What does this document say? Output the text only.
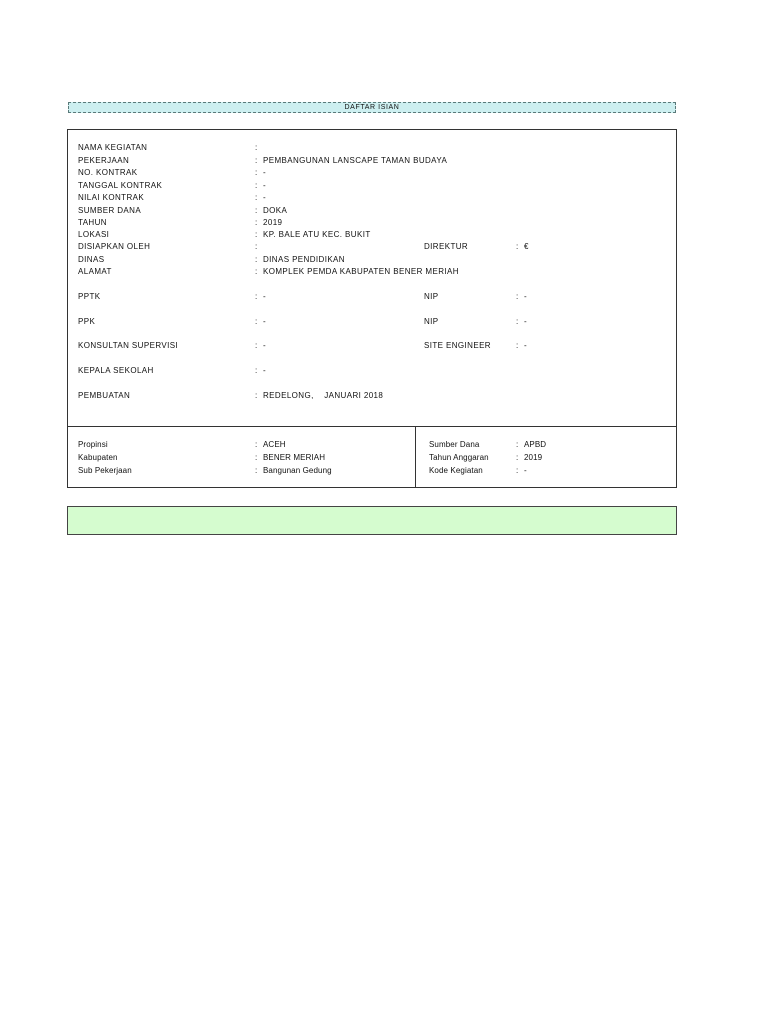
DAFTAR ISIAN
NAMA KEGIATAN	:
PEKERJAAN	: PEMBANGUNAN LANSCAPE TAMAN BUDAYA
NO. KONTRAK	: -
TANGGAL KONTRAK	: -
NILAI KONTRAK	: -
SUMBER DANA	: DOKA
TAHUN	: 2019
LOKASI	: KP. BALE ATU KEC. BUKIT
DISIAPKAN OLEH	:	DIREKTUR	: €
DINAS	: DINAS PENDIDIKAN
ALAMAT	: KOMPLEK PEMDA KABUPATEN BENER MERIAH
PPTK	: -	NIP	: -
PPK	: -	NIP	: -
KONSULTAN SUPERVISI	: -	SITE ENGINEER	: -
KEPALA SEKOLAH	: -
PEMBUATAN	: REDELONG,    JANUARI 2018
Propinsi	: ACEH	Sumber Dana	: APBD
Kabupaten	: BENER MERIAH	Tahun Anggaran	: 2019
Sub Pekerjaan	: Bangunan Gedung	Kode Kegiatan	: -
